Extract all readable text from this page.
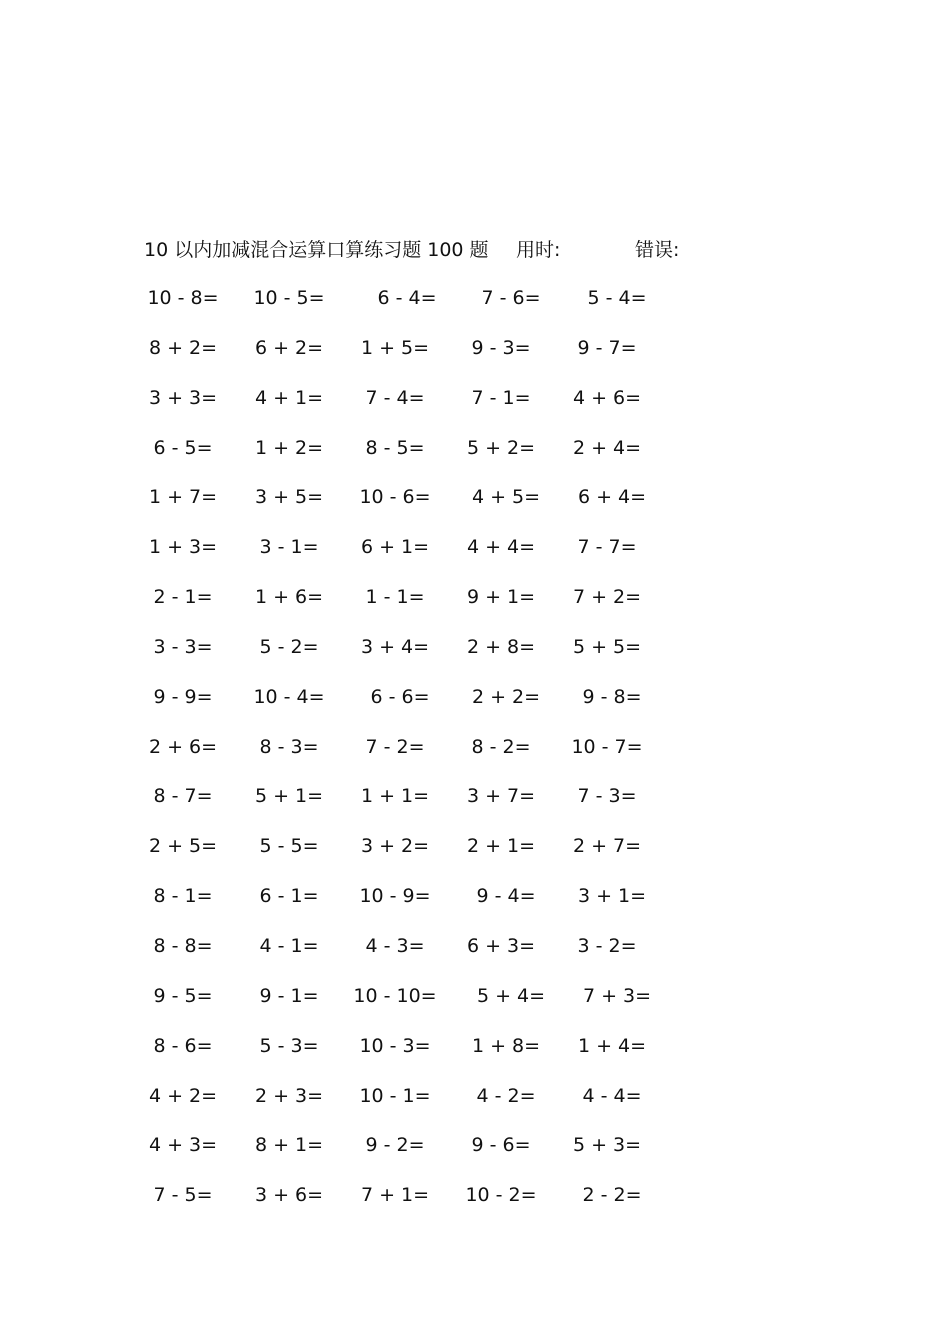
10 以内加减混合运算口算练习题 100 题 用时:	错误:
10 - 8=	10 - 5=	6 - 4=	7 - 6=	5 - 4=
8 + 2=	6 + 2=	1 + 5=	9 - 3=	9 - 7=
3 + 3=	4 + 1=	7 - 4=	7 - 1=	4 + 6=
6 - 5=	1 + 2=	8 - 5=	5 + 2=	2 + 4=
1 + 7=	3 + 5=	10 - 6=	4 + 5=	6 + 4=
1 + 3=	3 - 1=	6 + 1=	4 + 4=	7 - 7=
2 - 1=	1 + 6=	1 - 1=	9 + 1=	7 + 2=
3 - 3=	5 - 2=	3 + 4=	2 + 8=	5 + 5=
9 - 9=	10 - 4=	6 - 6=	2 + 2=	9 - 8=
2 + 6=	8 - 3=	7 - 2=	8 - 2=	10 - 7=
8 - 7=	5 + 1=	1 + 1=	3 + 7=	7 - 3=
2 + 5=	5 - 5=	3 + 2=	2 + 1=	2 + 7=
8 - 1=	6 - 1=	10 - 9=	9 - 4=	3 + 1=
8 - 8=	4 - 1=	4 - 3=	6 + 3=	3 - 2=
9 - 5=	9 - 1=	10 - 10=	5 + 4=	7 + 3=
8 - 6=	5 - 3=	10 - 3=	1 + 8=	1 + 4=
4 + 2=	2 + 3=	10 - 1=	4 - 2=	4 - 4=
4 + 3=	8 + 1=	9 - 2=	9 - 6=	5 + 3=
7 - 5=	3 + 6=	7 + 1=	10 - 2=	2 - 2=
